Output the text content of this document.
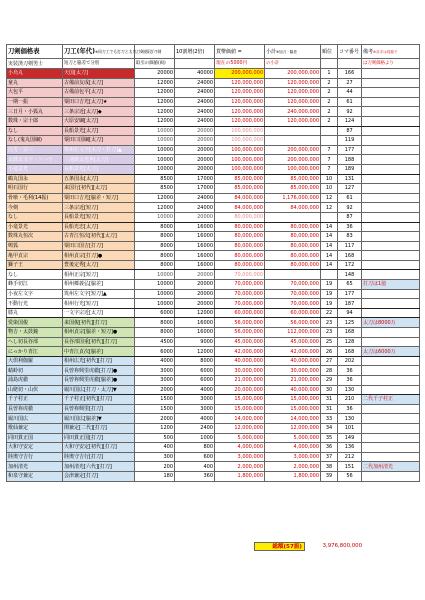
刀剣価格表	刀工(年代)※同刀工でも打刀と太刀、	刀剣値段/刀剣	10割増(2倍)	貨幣価値 =	小計※加刀・脇差	順位	コマ番号	備考※赤字は同銘で
実装済刀剣男士	短刀と脇差で分別	取引の価値(両)		現在の5000円	の小計			は刀剣価格より
小烏丸	天国[太刀]	20000	40000	200,000,000	200,000,000	1	166	
童丸	古備前友成[太刀]	12000	24000	120,000,000	120,000,000	2	27	
大包平	古備前包平[太刀]	12000	24000	120,000,000	120,000,000	2	44	
一期一振	粟田口吉光[太刀]★	12000	24000	120,000,000	120,000,000	2	61	
三日月・小狐丸	三条宗近[太刀]◆	12000	24000	120,000,000	240,000,000	2	92	
数珠・宗十郎	大原安綱[太刀]	12000	24000	120,000,000	120,000,000	2	124	
なし	長船景光[太刀]	10000	20000	100,000,000			87	
なし(鬼丸国綱)	粟田口国綱[太刀]	10000	20000	100,000,000			119	
江雪・宗三	筑州左文字[太刀・打刀]▲	10000	20000	100,000,000	200,000,000	7	177	
太鼓太文字・ソハヤ	三池典太光世[太刀]	10000	20000	100,000,000	200,000,000	7	188	
小竜景光	長船景光[太刀]	10000	20000	100,000,000	100,000,000	7	189	
鶴丸国永	五条国永[太刀]	8500	17000	85,000,000	85,000,000	10	131	
明石国行	来国行[初代][太刀]	8500	17000	85,000,000	85,000,000	10	127	
骨喰・毛利(14振)	粟田口吉光[脇差・短刀]	12000	24000	84,000,000	1,176,000,000	12	61	
今剣	三条宗近[短刀]	12000	24000	84,000,000	84,000,000	12	92	
なし	長船景光[短刀]	10000	20000	80,000,000			87	
小竜景光	長船光忠[太刀]	8000	16000	80,000,000	80,000,000	14	36	
数珠丸恒次	古青江恒次[初代][太刀]	8000	16000	80,000,000	80,000,000	14	83	
鳴狐	粟田口国吉[打刀]	8000	16000	80,000,000	80,000,000	14	117	
亀甲貞宗	相州貞宗[打刀]●	8000	16000	80,000,000	80,000,000	14	168	
獅子王	豊後定秀[太刀]	8000	16000	80,000,000	80,000,000	14	172	
なし	相州正宗[短刀]	10000	20000	70,000,000			148	
蜂手切江	相州郷義弘[脇差]	10000	20000	70,000,000	70,000,000	19	65	打刀は1億
小夜左文字	筑州左文字[短刀]▲	10000	20000	70,000,000	70,000,000	19	177	
不動行光	相州行光[短刀]	10000	20000	70,000,000	70,000,000	19	187	
膝丸	一文字宗近[太刀]	6000	12000	60,000,000	60,000,000	22	94	
愛染国俊	来国俊[初代][打刀]	8000	16000	56,000,000	56,000,000	23	125	太刀は8000万
物吉・太鼓鐘	相州貞宗[脇差・短刀]●	8000	16000	56,000,000	112,000,000	23	168	
へし切長谷部	長谷部国重[初代][打刀]	4500	9000	45,000,000	45,000,000	25	128	
にっかり青江	中青江貞次[脇差]	6000	12000	42,000,000	42,000,000	26	168	太刀は6000万
大倶利伽羅	相州広光[初代][打刀]	4000	8000	40,000,000	40,000,000	27	202	
蜻蛉切	長曾祢興里虎徹[打刀]●	3000	6000	30,000,000	30,000,000	28	36	
浦島虎徹	長曾祢興里虎徹[脇差]●	3000	6000	21,000,000	21,000,000	29	36	
山姥切・山伏	堀川国広[打刀・太刀]▼	2000	4000	20,000,000	40,000,000	30	130	
千子村正	千子村正[初代][打刀]	1500	3000	15,000,000	15,000,000	31	210	二代千子村正
長曽祢虎徹	長曾祢興里[打刀]	1500	3000	15,000,000	15,000,000	31	36	
堀川国広	堀川国広[脇差]▼	2000	4000	14,000,000	14,000,000	33	130	
歌仙兼定	関兼定[二代][打刀]	1200	2400	12,000,000	12,000,000	34	101	
同田貫正国	同田貫正国[打刀]	500	1000	5,000,000	5,000,000	35	149	
大和守安定	大和守安定[初代][打刀]	400	800	4,000,000	4,000,000	36	136	
陸奥守吉行	陸奥守吉行[打刀]	300	600	3,000,000	3,000,000	37	212	
加州清光	加州清光[六代][打刀]	200	400	2,000,000	2,000,000	38	151	二代加州清光
和泉守兼定	会津兼定[打刀]	180	360	1,800,000	1,800,000	39	56	
総額(57振)	3,976,800,000
